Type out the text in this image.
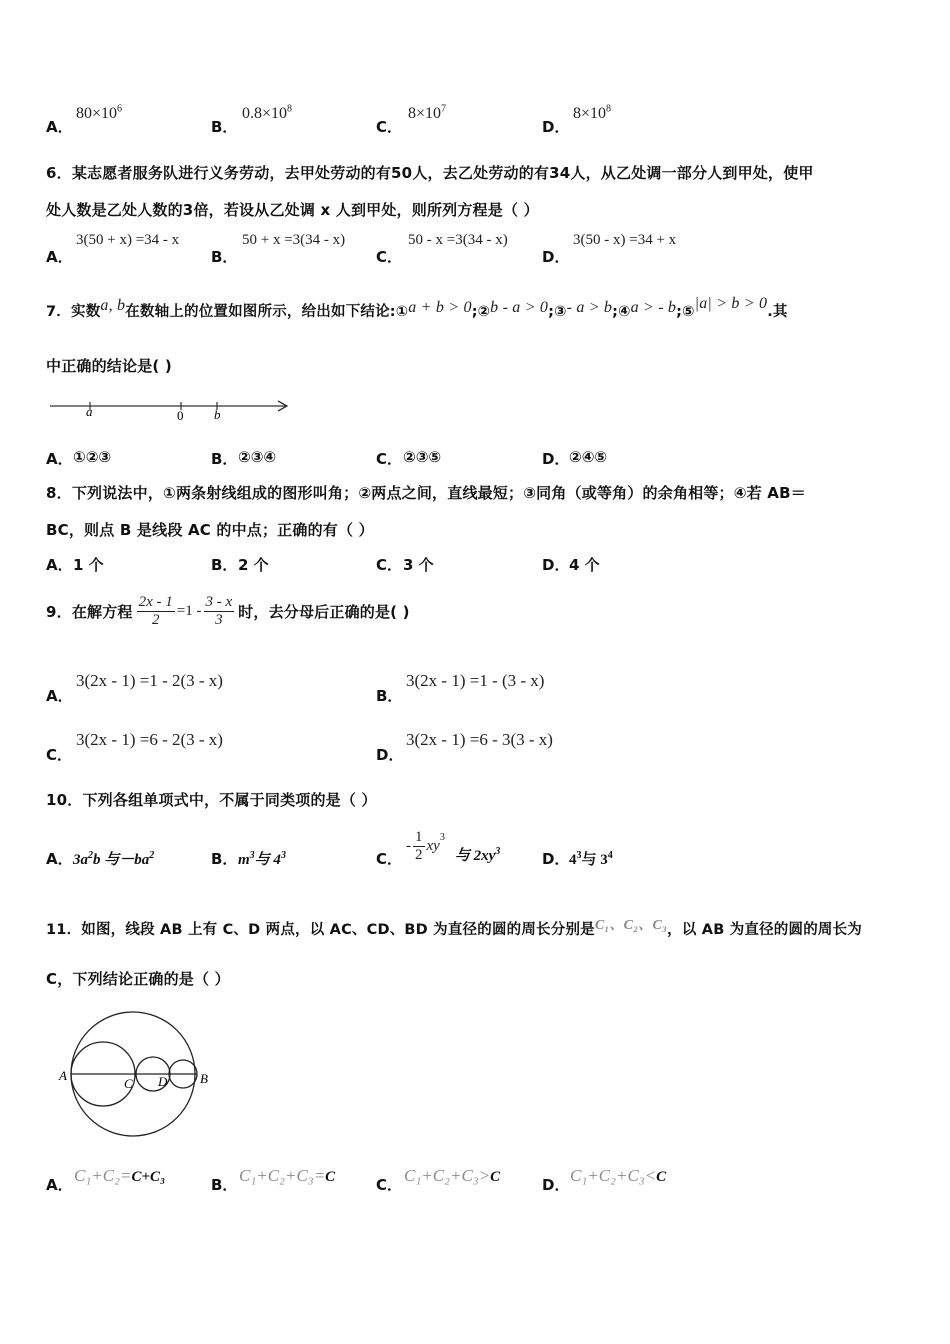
A．
$80\times 10^6$
B．
$0.8\times 10^8$
C．
$8\times 10^7$
D．
$8\times 10^8$
6．某志愿者服务队进行义务劳动，去甲处劳动的有50人，去乙处劳动的有34人，从乙处调一部分人到甲处，使甲
处人数是乙处人数的3倍，若设从乙处调 x 人到甲处，则所列方程是（ ）
A．
3(50 + x) =34 - x
B．
50 + x =3(34 - x)
C．
50 - x =3(34 - x)
D．
3(50 - x) =34 + x
7．实数a, b在数轴上的位置如图所示，给出如下结论:①a + b > 0;②b - a > 0;③- a > b;④a > - b;⑤|a| > b > 0.其
中正确的结论是( )
a	0 b
A． ①②③	B． ②③④	C． ②③⑤	D． ②④⑤
8．下列说法中，①两条射线组成的图形叫角；②两点之间，直线最短；③同角（或等角）的余角相等；④若 AB＝
BC，则点 B 是线段 AC 的中点；正确的有（ ）
A． 1 个	B． 2 个	C． 3 个	D． 4 个
9．在解方程 $\frac{2x - 1}{2} =1 - \frac{3 - x}{3}$ 时，去分母后正确的是( )
A．
3(2x - 1) =1 - 2(3 - x)
B．
3(2x - 1) =1 - (3 - x)
C．
3(2x - 1) =6 - 2(3 - x)
D．
3(2x - 1) =6 - 3(3 - x)
10．下列各组单项式中，不属于同类项的是（ ）
A． $3a^2b$ 与$-ba^2$	B． $m^3$与 $4^3$	C．
- $\frac{1}{2} xy^3$
与 $2xy^3$	D． $4^3$与 $3^4$
11．如图，线段 AB 上有 C、D 两点，以 AC、CD、BD 为直径的圆的周长分别是C₁、C₂、C₃，以 AB 为直径的圆的周长为
C，下列结论正确的是（ ）
A
C D	B
A． C₁+C₂=C+C₃	B． C₁+C₂+C₃=C	C． C₁+C₂+C₃>C	D． C₁+C₂+C₃<C
